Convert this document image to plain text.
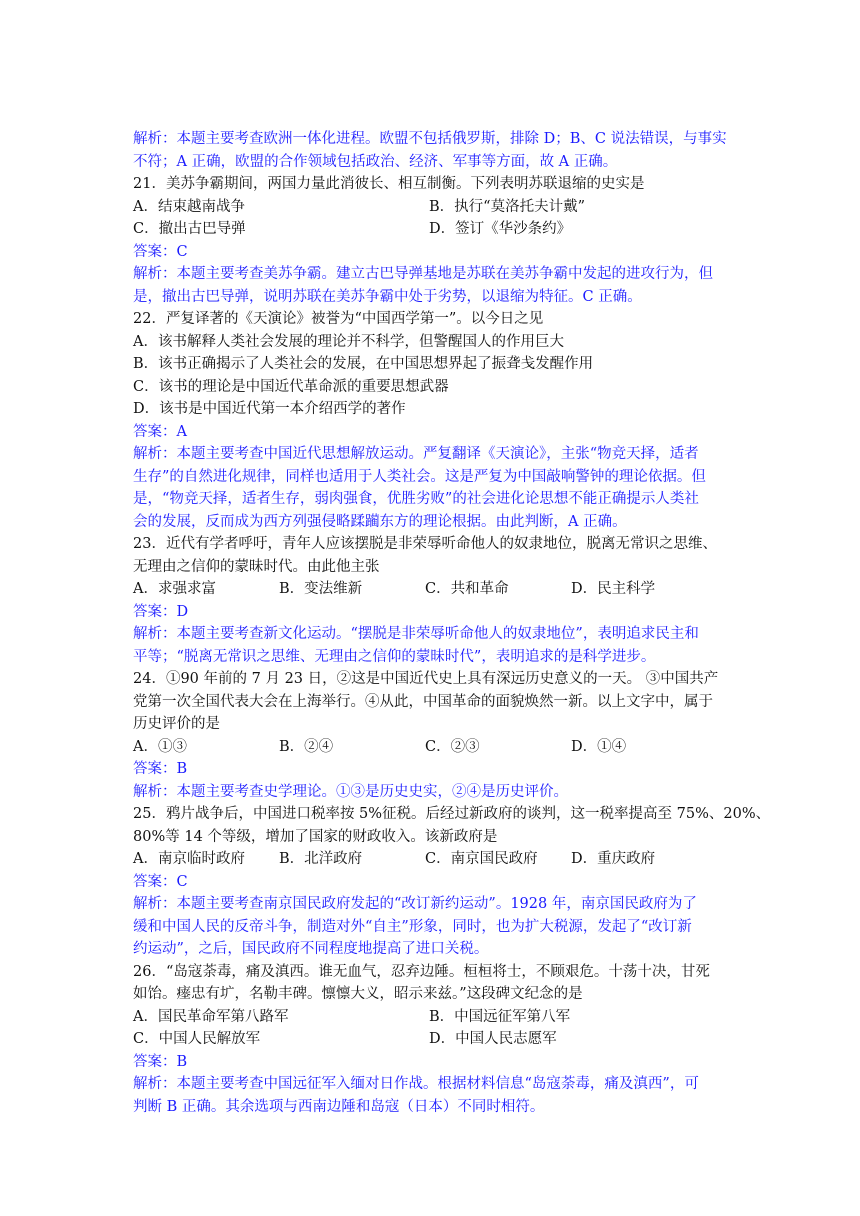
解析：本题主要考查欧洲一体化进程。欧盟不包括俄罗斯，排除 D；B、C 说法错误，与事实
不符；A 正确，欧盟的合作领域包括政治、经济、军事等方面，故 A 正确。
21．美苏争霸期间，两国力量此消彼长、相互制衡。下列表明苏联退缩的史实是
A．结束越南战争	B．执行“莫洛托夫计戴”
C．撤出古巴导弹	D．签订《华沙条约》
答案：C
解析：本题主要考查美苏争霸。建立古巴导弹基地是苏联在美苏争霸中发起的进攻行为，但
是，撤出古巴导弹，说明苏联在美苏争霸中处于劣势，以退缩为特征。C 正确。
22．严复译著的《天演论》被誉为“中国西学第一”。以今日之见
A．该书解释人类社会发展的理论并不科学，但警醒国人的作用巨大
B．该书正确揭示了人类社会的发展，在中国思想界起了振聋戋发醒作用
C．该书的理论是中国近代革命派的重要思想武器
D．该书是中国近代第一本介绍西学的著作
答案：A
解析：本题主要考查中国近代思想解放运动。严复翻译《天演论》，主张“物竞天择，适者
生存”的自然进化规律，同样也适用于人类社会。这是严复为中国敲响警钟的理论依据。但
是，“物竞天择，适者生存，弱肉强食，优胜劣败”的社会进化论思想不能正确提示人类社
会的发展，反而成为西方列强侵略蹂躏东方的理论根据。由此判断，A 正确。
23．近代有学者呼吁，青年人应该摆脱是非荣辱听命他人的奴隶地位，脱离无常识之思维、
无理由之信仰的蒙昧时代。由此他主张
A．求强求富	B．变法维新	C．共和革命	D．民主科学
答案：D
解析：本题主要考查新文化运动。“摆脱是非荣辱听命他人的奴隶地位”，表明追求民主和
平等；“脱离无常识之思维、无理由之信仰的蒙昧时代”，表明追求的是科学进步。
24．①90 年前的 7 月 23 日，②这是中国近代史上具有深远历史意义的一天。 ③中国共产
党第一次全国代表大会在上海举行。④从此，中国革命的面貌焕然一新。以上文字中，属于
历史评价的是
A．①③	B．②④	C．②③	D．①④
答案：B
解析：本题主要考查史学理论。①③是历史史实，②④是历史评价。
25．鸦片战争后，中国进口税率按 5%征税。后经过新政府的谈判，这一税率提高至 75%、20%、
80%等 14 个等级，增加了国家的财政收入。该新政府是
A．南京临时政府	B．北洋政府	C．南京国民政府	D．重庆政府
答案：C
解析：本题主要考查南京国民政府发起的“改订新约运动”。1928 年，南京国民政府为了
缓和中国人民的反帝斗争，制造对外“自主”形象，同时，也为扩大税源，发起了“改订新
约运动”，之后，国民政府不同程度地提高了进口关税。
26．“岛寇荼毒，痛及滇西。谁无血气，忍弃边陲。桓桓将士，不顾艰危。十荡十决，甘死
如饴。瘗忠有圹，名勒丰碑。懔懔大义，昭示来兹。”这段碑文纪念的是
A．国民革命军第八路军	B．中国远征军第八军
C．中国人民解放军	D．中国人民志愿军
答案：B
解析：本题主要考查中国远征军入缅对日作战。根据材料信息“岛寇荼毒，痛及滇西”，可
判断 B 正确。其余选项与西南边陲和岛寇（日本）不同时相符。
